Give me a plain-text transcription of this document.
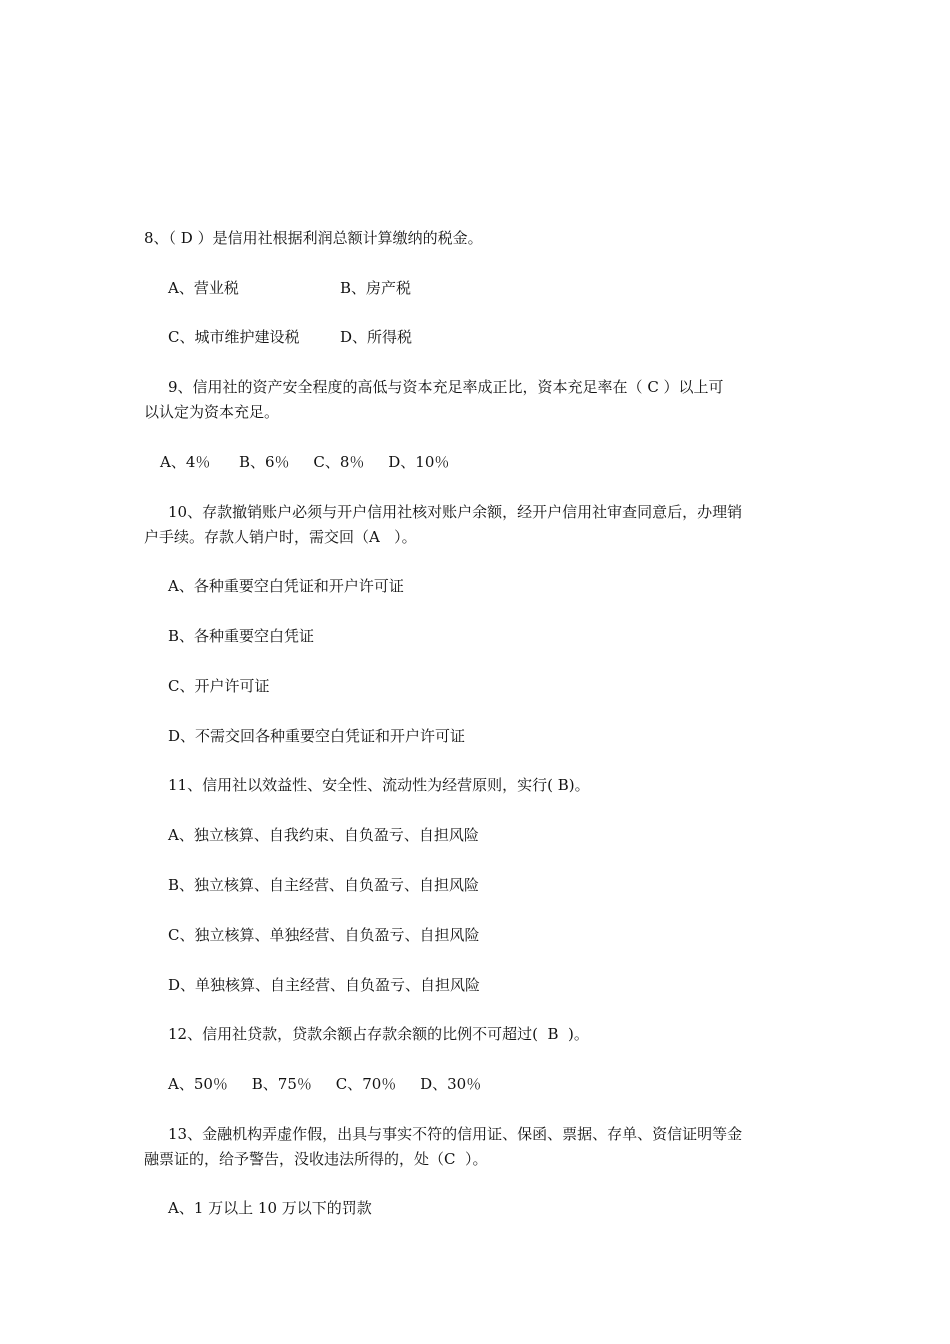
8、（ D ）是信用社根据利润总额计算缴纳的税金。
A、营业税	B、房产税
C、城市维护建设税	D、所得税
9、信用社的资产安全程度的高低与资本充足率成正比，资本充足率在（ C ）以上可
以认定为资本充足。
A、4％      B、6％     C、8％     D、10％
10、存款撤销账户必须与开户信用社核对账户余额，经开户信用社审查同意后，办理销
户手续。存款人销户时，需交回（A   ）。
A、各种重要空白凭证和开户许可证
B、各种重要空白凭证
C、开户许可证
D、不需交回各种重要空白凭证和开户许可证
11、信用社以效益性、安全性、流动性为经营原则，实行( B)。
A、独立核算、自我约束、自负盈亏、自担风险
B、独立核算、自主经营、自负盈亏、自担风险
C、独立核算、单独经营、自负盈亏、自担风险
D、单独核算、自主经营、自负盈亏、自担风险
12、信用社贷款，贷款余额占存款余额的比例不可超过(  B  )。
A、50％     B、75％     C、70％     D、30％
13、金融机构弄虚作假，出具与事实不符的信用证、保函、票据、存单、资信证明等金
融票证的，给予警告，没收违法所得的，处（C  ）。
A、1 万以上 10 万以下的罚款
